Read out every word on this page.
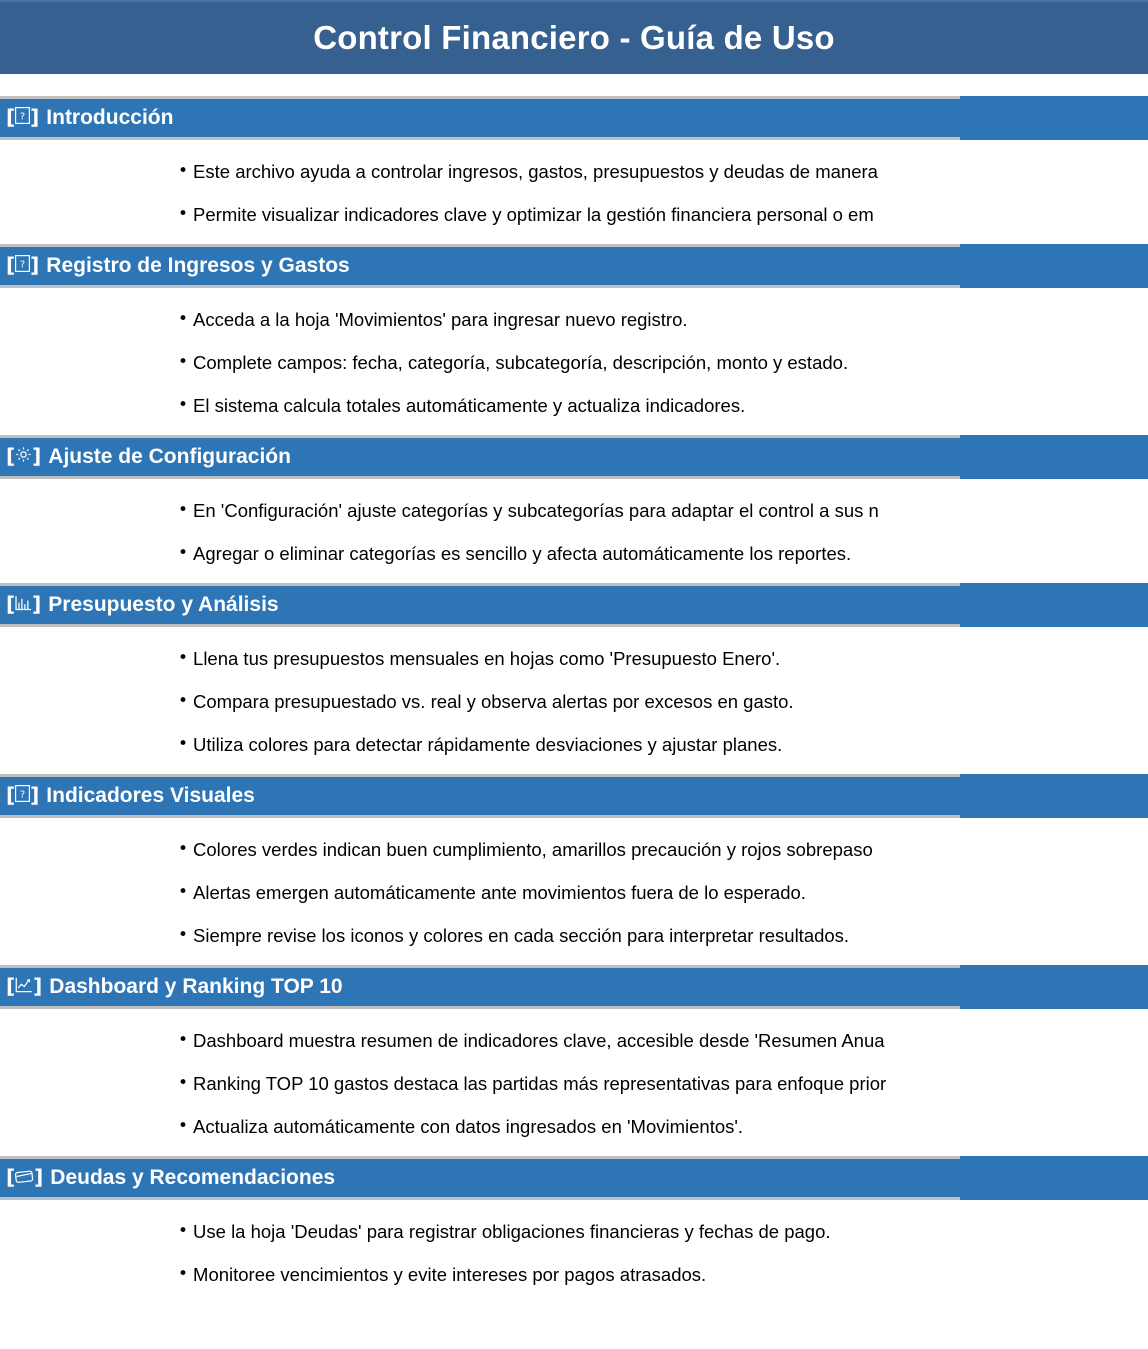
Control Financiero - Guía de Uso
[ ? ] Introducción
• Este archivo ayuda a controlar ingresos, gastos, presupuestos y deudas de manera
• Permite visualizar indicadores clave y optimizar la gestión financiera personal o em
[ ? ] Registro de Ingresos y Gastos
• Acceda a la hoja 'Movimientos' para ingresar nuevo registro.
• Complete campos: fecha, categoría, subcategoría, descripción, monto y estado.
• El sistema calcula totales automáticamente y actualiza indicadores.
[ ] Ajuste de Configuración
• En 'Configuración' ajuste categorías y subcategorías para adaptar el control a sus n
• Agregar o eliminar categorías es sencillo y afecta automáticamente los reportes.
[ ] Presupuesto y Análisis
• Llena tus presupuestos mensuales en hojas como 'Presupuesto Enero'.
• Compara presupuestado vs. real y observa alertas por excesos en gasto.
• Utiliza colores para detectar rápidamente desviaciones y ajustar planes.
[ ? ] Indicadores Visuales
• Colores verdes indican buen cumplimiento, amarillos precaución y rojos sobrepaso
• Alertas emergen automáticamente ante movimientos fuera de lo esperado.
• Siempre revise los iconos y colores en cada sección para interpretar resultados.
[ ] Dashboard y Ranking TOP 10
• Dashboard muestra resumen de indicadores clave, accesible desde 'Resumen Anua
• Ranking TOP 10 gastos destaca las partidas más representativas para enfoque prior
• Actualiza automáticamente con datos ingresados en 'Movimientos'.
[ ] Deudas y Recomendaciones
• Use la hoja 'Deudas' para registrar obligaciones financieras y fechas de pago.
• Monitoree vencimientos y evite intereses por pagos atrasados.
